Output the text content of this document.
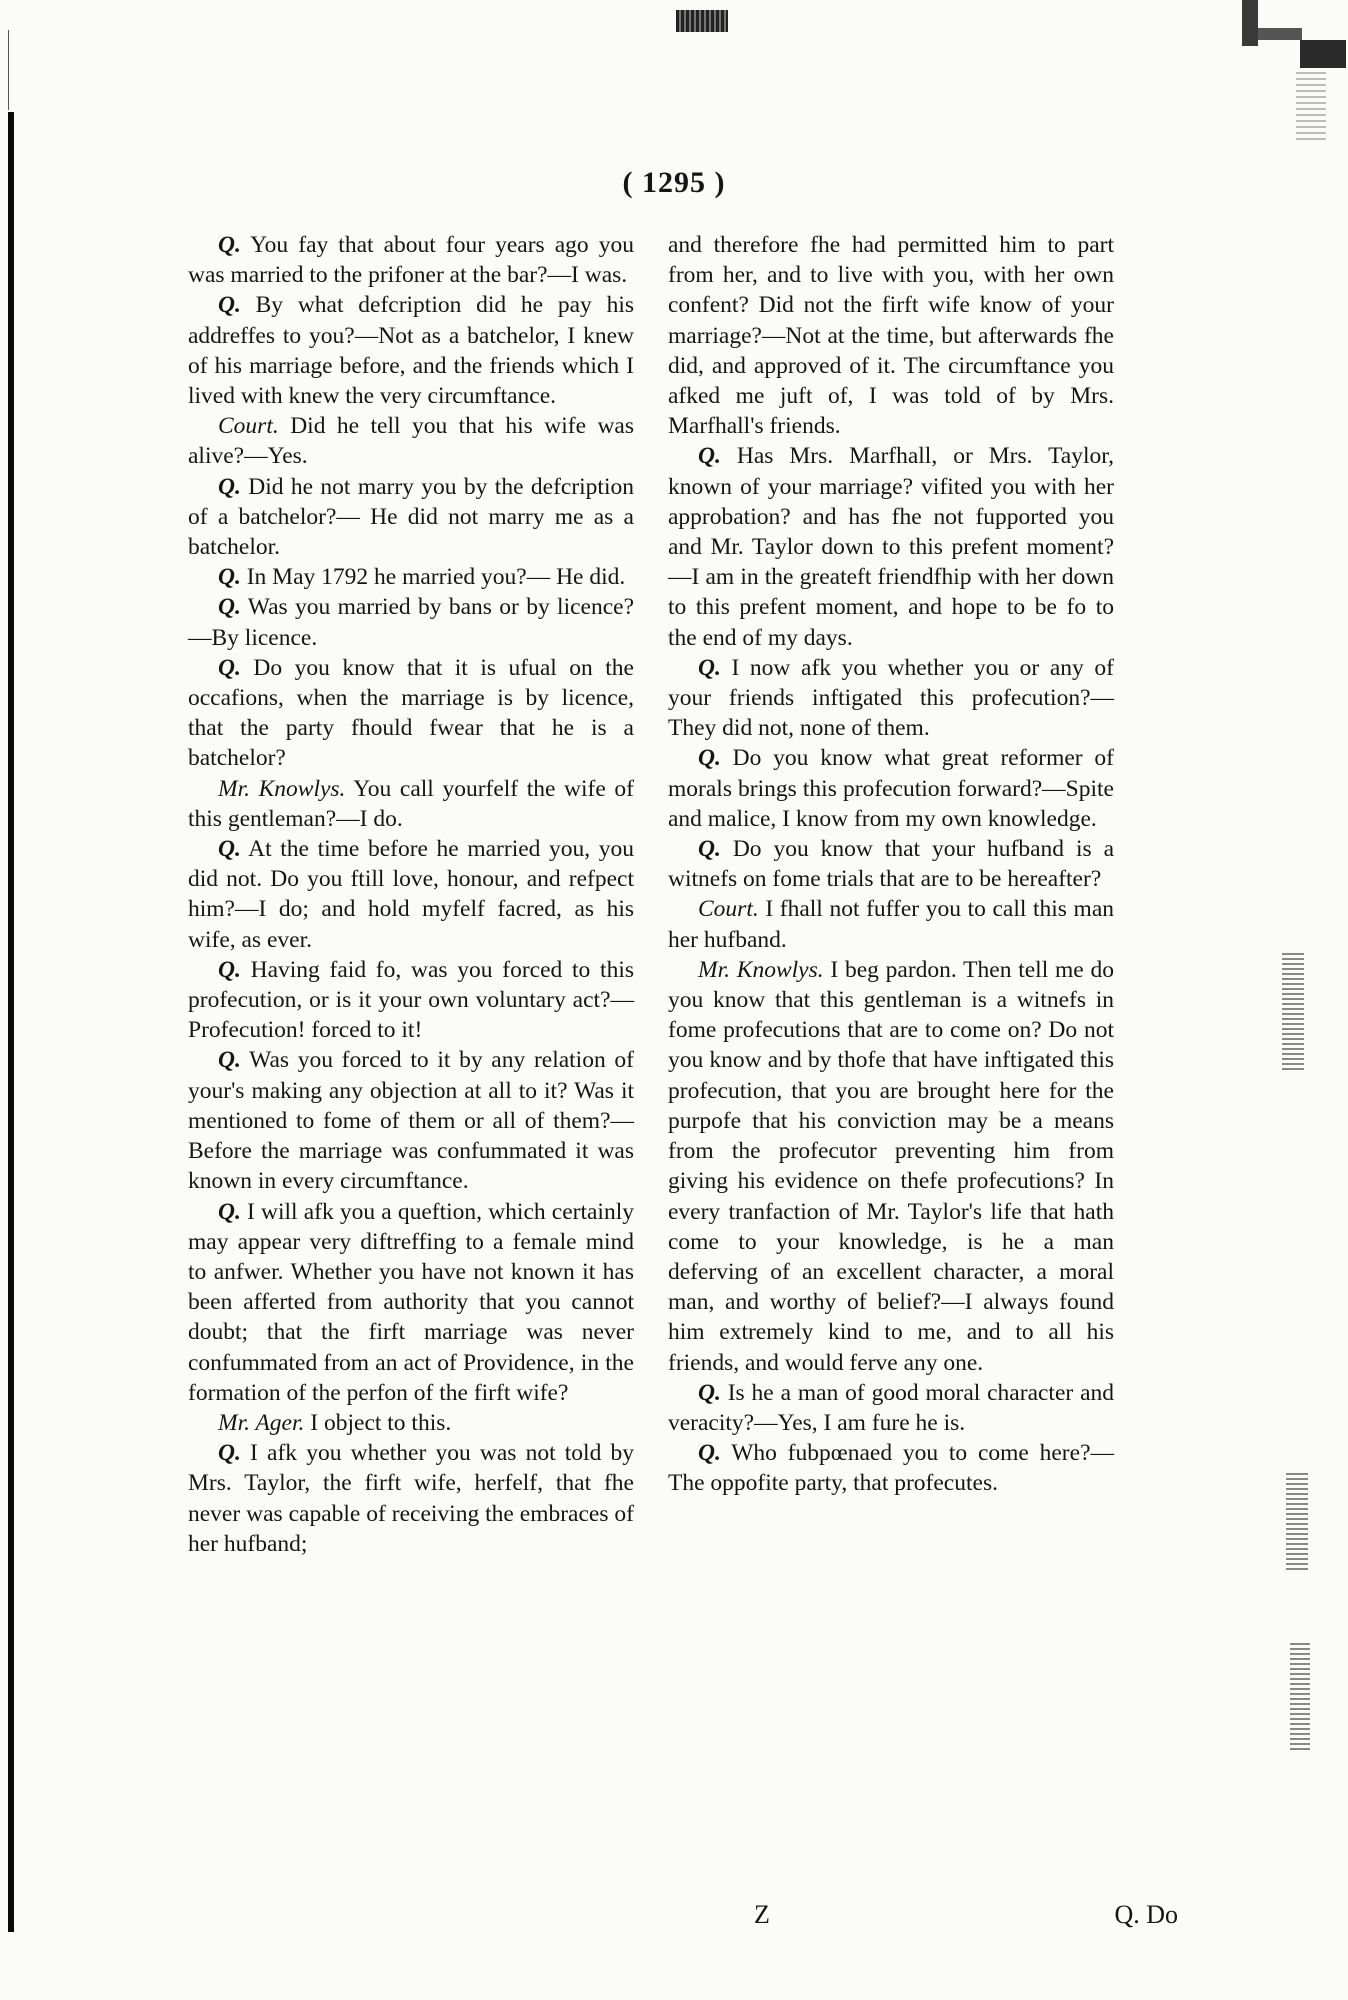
( 1295 )

Q. You fay that about four years ago you was married to the prifoner at the bar?—I was.

Q. By what defcription did he pay his addreffes to you?—Not as a batchelor, I knew of his marriage before, and the friends which I lived with knew the very circumftance.

Court. Did he tell you that his wife was alive?—Yes.

Q. Did he not marry you by the defcription of a batchelor?— He did not marry me as a batchelor.

Q. In May 1792 he married you?— He did.

Q. Was you married by bans or by licence?—By licence.

Q. Do you know that it is ufual on the occafions, when the marriage is by licence, that the party fhould fwear that he is a batchelor?

Mr. Knowlys. You call yourfelf the wife of this gentleman?—I do.

Q. At the time before he married you, you did not. Do you ftill love, honour, and refpect him?—I do; and hold myfelf facred, as his wife, as ever.

Q. Having faid fo, was you forced to this profecution, or is it your own voluntary act?—Profecution! forced to it!

Q. Was you forced to it by any relation of your's making any objection at all to it? Was it mentioned to fome of them or all of them?—Before the marriage was confummated it was known in every circumftance.

Q. I will afk you a queftion, which certainly may appear very diftreffing to a female mind to anfwer. Whether you have not known it has been afferted from authority that you cannot doubt; that the firft marriage was never confummated from an act of Providence, in the formation of the perfon of the firft wife?

Mr. Ager. I object to this.

Q. I afk you whether you was not told by Mrs. Taylor, the firft wife, herfelf, that fhe never was capable of receiving the embraces of her hufband;

and therefore fhe had permitted him to part from her, and to live with you, with her own confent? Did not the firft wife know of your marriage?—Not at the time, but afterwards fhe did, and approved of it. The circumftance you afked me juft of, I was told of by Mrs. Marfhall's friends.

Q. Has Mrs. Marfhall, or Mrs. Taylor, known of your marriage? vifited you with her approbation? and has fhe not fupported you and Mr. Taylor down to this prefent moment?—I am in the greateft friendfhip with her down to this prefent moment, and hope to be fo to the end of my days.

Q. I now afk you whether you or any of your friends inftigated this profecution?—They did not, none of them.

Q. Do you know what great reformer of morals brings this profecution forward?—Spite and malice, I know from my own knowledge.

Q. Do you know that your hufband is a witnefs on fome trials that are to be hereafter?

Court. I fhall not fuffer you to call this man her hufband.

Mr. Knowlys. I beg pardon. Then tell me do you know that this gentleman is a witnefs in fome profecutions that are to come on? Do not you know and by thofe that have inftigated this profecution, that you are brought here for the purpofe that his conviction may be a means from the profecutor preventing him from giving his evidence on thefe profecutions? In every tranfaction of Mr. Taylor's life that hath come to your knowledge, is he a man deferving of an excellent character, a moral man, and worthy of belief?—I always found him extremely kind to me, and to all his friends, and would ferve any one.

Q. Is he a man of good moral character and veracity?—Yes, I am fure he is.

Q. Who fubpœnaed you to come here?—The oppofite party, that profecutes.

Z	Q. Do
